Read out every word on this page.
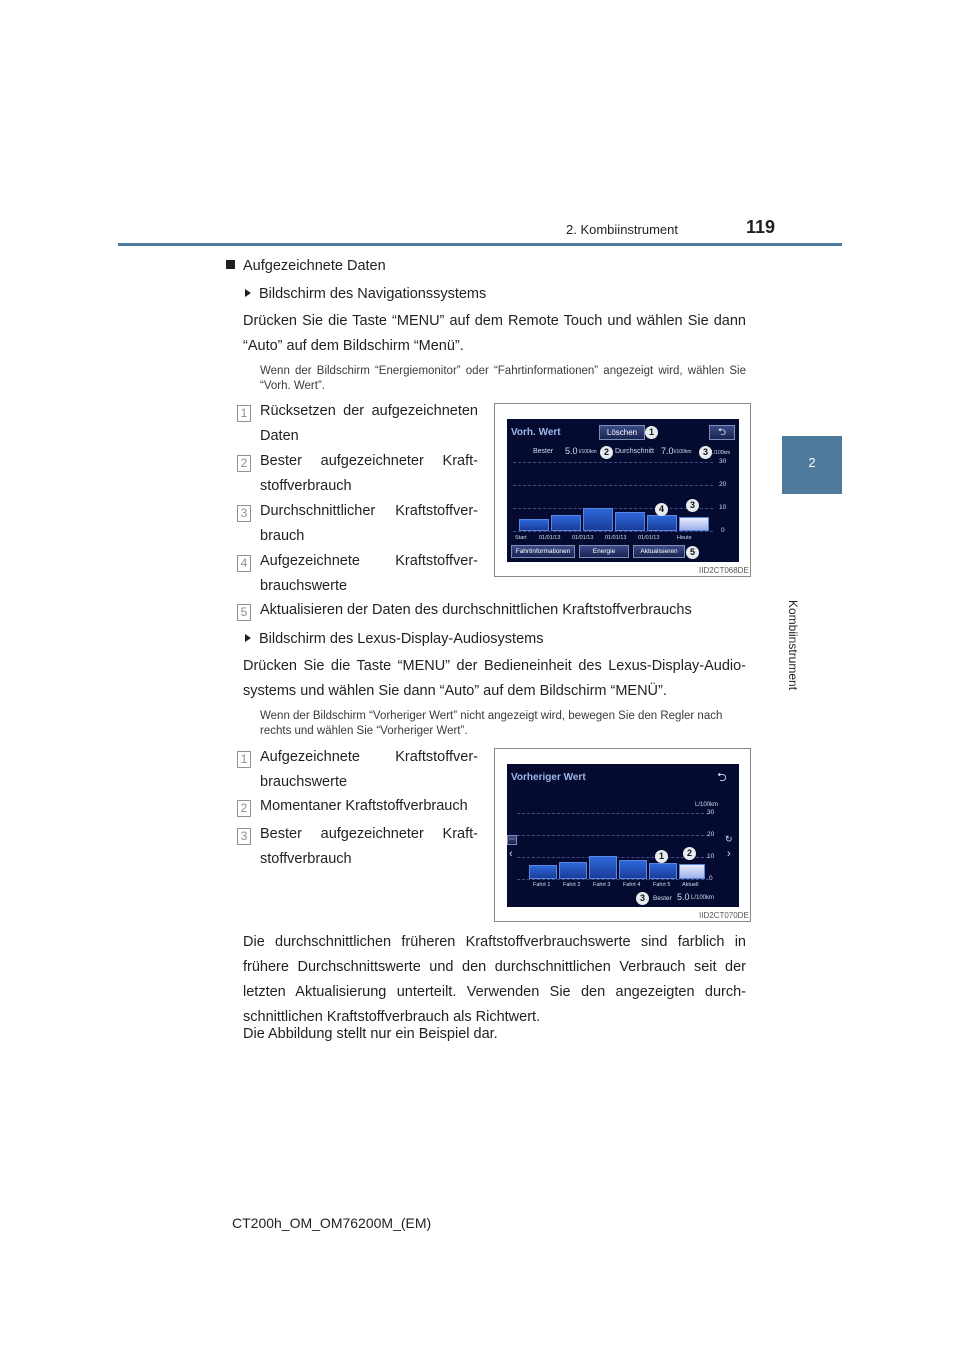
2. Kombiinstrument	119
2
Kombiinstrument
Aufgezeichnete Daten
Bildschirm des Navigationssystems
Drücken Sie die Taste “MENU” auf dem Remote Touch und wählen Sie dann “Auto” auf dem Bildschirm “Menü”.
Wenn der Bildschirm “Energiemonitor” oder “Fahrtinformationen” angezeigt wird, wählen Sie “Vorh. Wert”.
1 Rücksetzen der aufgezeichneten Daten
2 Bester aufgezeichneter Kraft-stoffverbrauch
3 Durchschnittlicher Kraftstoffver-brauch
4 Aufgezeichnete Kraftstoffver-brauchswerte
5 Aktualisieren der Daten des durchschnittlichen Kraftstoffverbrauchs
Vorh. Wert	Löschen	⮌
1
Bester 5.0 l/100km 2 Durchschnitt 7.0 l/100km	3 L/100km
30
20
10
0
4	3
Start 01/01/13 01/01/13 01/01/13 01/01/13	Heute
Fahrtinformationen	Energie	Aktualisieren	5
IID2CT068DE
Bildschirm des Lexus-Display-Audiosystems
Drücken Sie die Taste “MENU” der Bedieneinheit des Lexus-Display-Audio-systems und wählen Sie dann “Auto” auf dem Bildschirm “MENÜ”.
Wenn der Bildschirm “Vorheriger Wert” nicht angezeigt wird, bewegen Sie den Regler nach rechts und wählen Sie “Vorheriger Wert”.
1 Aufgezeichnete Kraftstoffver-brauchswerte
2 Momentaner Kraftstoffverbrauch
3 Bester aufgezeichneter Kraft-stoffverbrauch
Vorheriger Wert	⮌
L/100km
30
20
10
0
⋯
‹
↻
›
1	2
Fahrt 1 Fahrt 2 Fahrt 3 Fahrt 4 Fahrt 5 Aktuell
3	Bester 5.0 L/100km
IID2CT070DE
Die durchschnittlichen früheren Kraftstoffverbrauchswerte sind farblich in frühere Durchschnittswerte und den durchschnittlichen Verbrauch seit der letzten Aktualisierung unterteilt. Verwenden Sie den angezeigten durch-schnittlichen Kraftstoffverbrauch als Richtwert.
Die Abbildung stellt nur ein Beispiel dar.
CT200h_OM_OM76200M_(EM)
